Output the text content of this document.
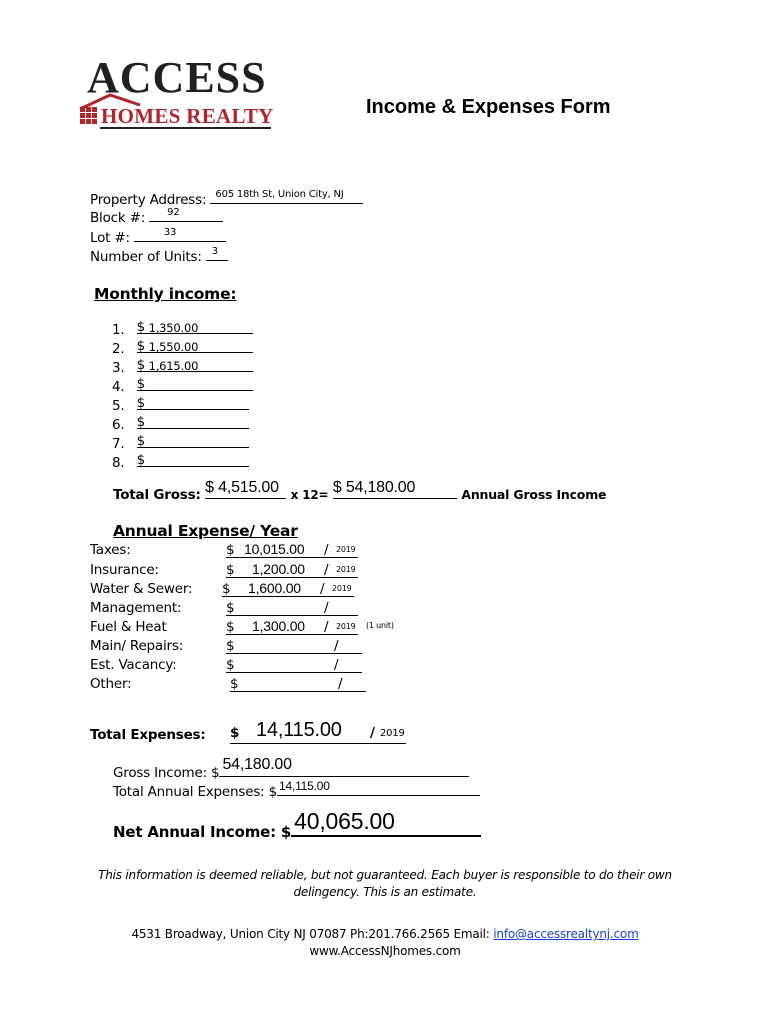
ACCESS
HOMES REALTY	Income & Expenses Form
Property Address: 605 18th St, Union City, NJ
Block #: 92
Lot #:	33
Number of Units: 3
Monthly income:
1. $ 1,350.00
2. $ 1,550.00
3. $ 1,615.00
4. $
5. $
6. $
7. $
8. $
Total Gross: $ 4,515.00 x 12= $ 54,180.00	Annual Gross Income
Annual Expense/ Year
Taxes:	$ 10,015.00 / 2019
Insurance:	$ 1,200.00 / 2019
Water & Sewer: $ 1,600.00 / 2019
Management:	$	/
Fuel & Heat	$ 1,300.00 / 2019 $^{(1 unit)}$
Main/ Repairs:	$	/
Est. Vacancy:	$	/
Other:	$	/
Total Expenses: $ 14,115.00 / 2019
Gross Income: $ 54,180.00
Total Annual Expenses: $ 14,115.00
Net Annual Income: $ 40,065.00
This information is deemed reliable, but not guaranteed. Each buyer is responsible to do their own
delingency. This is an estimate.
4531 Broadway, Union City NJ 07087 Ph:201.766.2565 Email: info@accessrealtynj.com
www.AccessNJhomes.com
